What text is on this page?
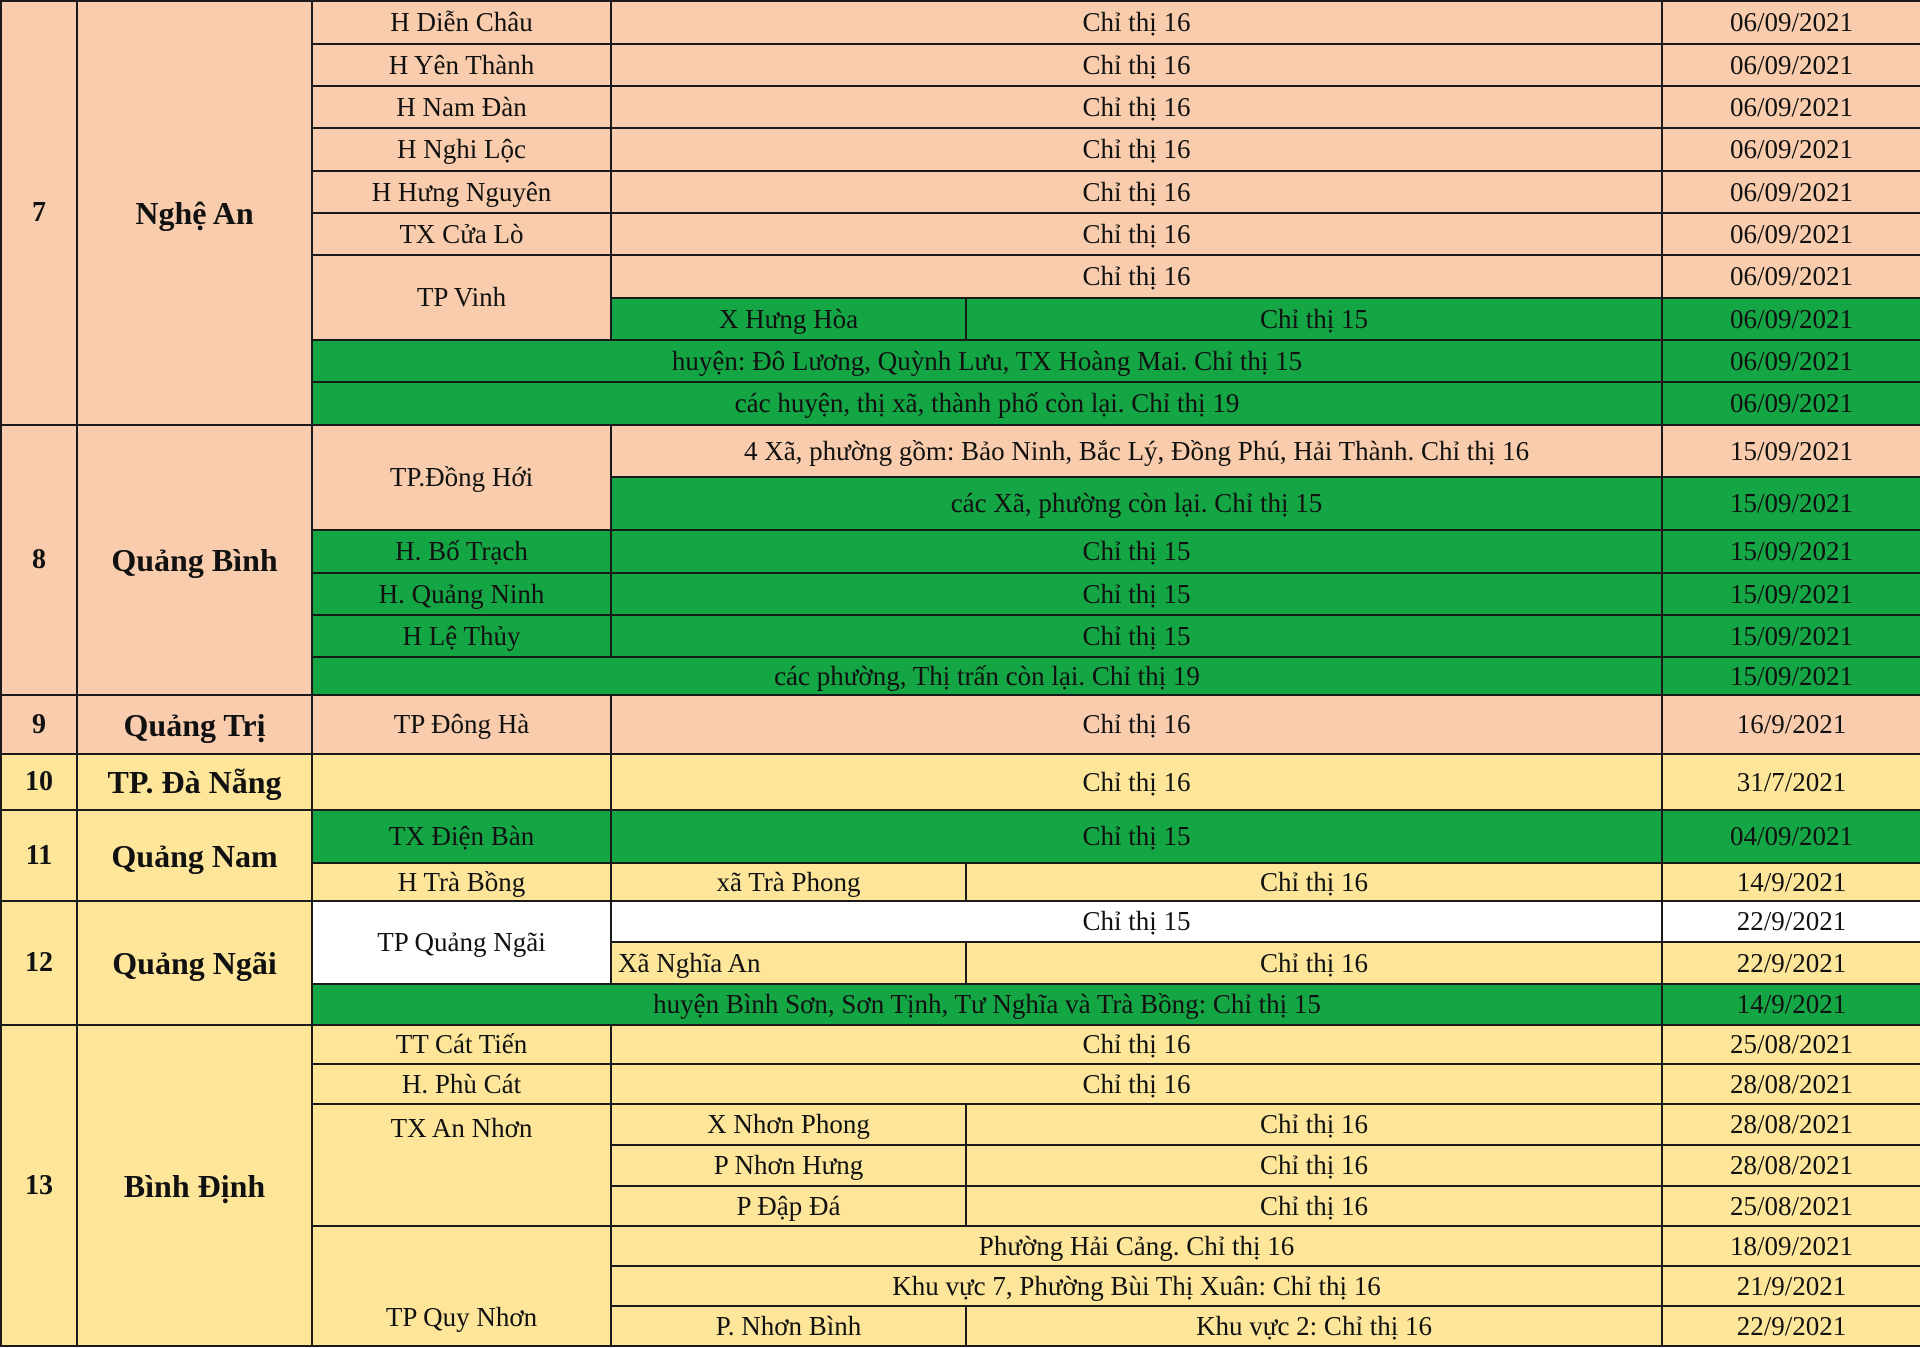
7	Nghệ An	H Diễn Châu	Chỉ thị 16		06/09/2021
		H Yên Thành	Chỉ thị 16		06/09/2021
		H Nam Đàn	Chỉ thị 16		06/09/2021
		H Nghi Lộc	Chỉ thị 16		06/09/2021
		H Hưng Nguyên	Chỉ thị 16		06/09/2021
		TX Cửa Lò	Chỉ thị 16		06/09/2021
		TP Vinh	Chỉ thị 16		06/09/2021
			X Hưng Hòa	Chỉ thị 15	06/09/2021
		huyện: Đô Lương, Quỳnh Lưu, TX Hoàng Mai. Chỉ thị 15			06/09/2021
		các huyện, thị xã, thành phố còn lại. Chỉ thị 19			06/09/2021
8	Quảng Bình	TP.Đồng Hới	4 Xã, phường gồm: Bảo Ninh, Bắc Lý, Đồng Phú, Hải Thành. Chỉ thị 16		15/09/2021
			các Xã, phường còn lại. Chỉ thị 15		15/09/2021
		H. Bố Trạch	Chỉ thị 15		15/09/2021
		H. Quảng Ninh	Chỉ thị 15		15/09/2021
		H Lệ Thủy	Chỉ thị 15		15/09/2021
		các phường, Thị trấn còn lại. Chỉ thị 19			15/09/2021
9	Quảng Trị	TP Đông Hà	Chỉ thị 16		16/9/2021
10	TP. Đà Nẵng		Chỉ thị 16		31/7/2021
11	Quảng Nam	TX Điện Bàn	Chỉ thị 15		04/09/2021
		H Trà Bồng	xã Trà Phong	Chỉ thị 16	14/9/2021
12	Quảng Ngãi	TP Quảng Ngãi	Chỉ thị 15		22/9/2021
			Xã Nghĩa An	Chỉ thị 16	22/9/2021
		huyện Bình Sơn, Sơn Tịnh, Tư Nghĩa và Trà Bồng: Chỉ thị 15			14/9/2021
13	Bình Định	TT Cát Tiến	Chỉ thị 16		25/08/2021
		H. Phù Cát	Chỉ thị 16		28/08/2021
		TX An Nhơn	X Nhơn Phong	Chỉ thị 16	28/08/2021
			P Nhơn Hưng	Chỉ thị 16	28/08/2021
			P Đập Đá	Chỉ thị 16	25/08/2021
		TP Quy Nhơn	Phường Hải Cảng. Chỉ thị 16		18/09/2021
			Khu vực 7, Phường Bùi Thị Xuân: Chỉ thị 16		21/9/2021
			P. Nhơn Bình	Khu vực 2: Chỉ thị 16	22/9/2021
